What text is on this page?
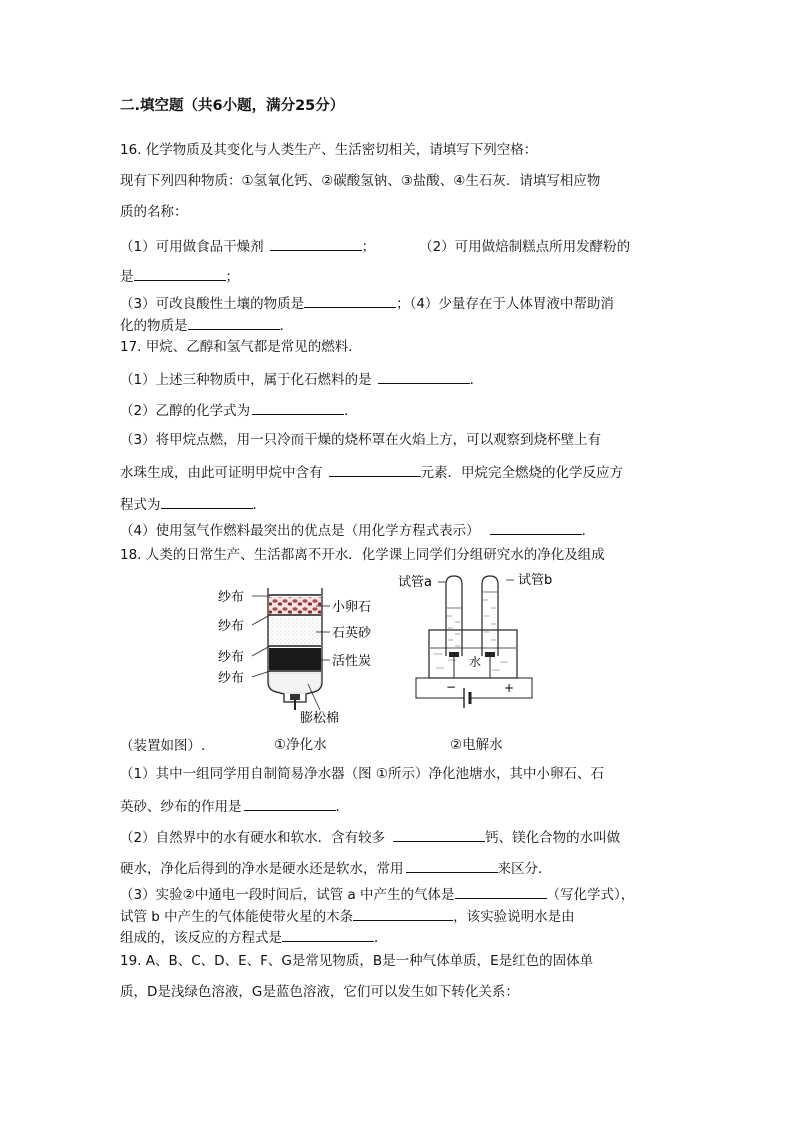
二.填空题（共6小题，满分25分）
16. 化学物质及其变化与人类生产、生活密切相关，请填写下列空格：
现有下列四种物质：①氢氧化钙、②碳酸氢钠、③盐酸、④生石灰．请填写相应物
质的名称：
（1）可用做食品干燥剂	；	（2）可用做焙制糕点所用发酵粉的
是	；
（3）可改良酸性土壤的物质是	；（4）少量存在于人体胃液中帮助消
化的物质是	．
17. 甲烷、乙醇和氢气都是常见的燃料．
（1）上述三种物质中，属于化石燃料的是	．
（2）乙醇的化学式为	．
（3）将甲烷点燃，用一只冷而干燥的烧杯罩在火焰上方，可以观察到烧杯壁上有
水珠生成，由此可证明甲烷中含有	元素．甲烷完全燃烧的化学反应方
程式为	．
（4）使用氢气作燃料最突出的优点是（用化学方程式表示）	．
18. 人类的日常生产、生活都离不开水．化学课上同学们分组研究水的净化及组成
纱布
纱布
纱布
纱布
小卵石
石英砂
活性炭
膨松棉
试管a	试管b
水
−	+
（装置如图）.	①净化水	②电解水
（1）其中一组同学用自制简易净水器（图 ①所示）净化池塘水，其中小卵石、石
英砂、纱布的作用是	．
（2）自然界中的水有硬水和软水．含有较多	钙、镁化合物的水叫做
硬水，净化后得到的净水是硬水还是软水，常用	来区分．
（3）实验②中通电一段时间后，试管 a 中产生的气体是	（写化学式），
试管 b 中产生的气体能使带火星的木条	，该实验说明水是由
组成的，该反应的方程式是	．
19. A、B、C、D、E、F、G是常见物质，B是一种气体单质，E是红色的固体单
质，D是浅绿色溶液，G是蓝色溶液，它们可以发生如下转化关系：
